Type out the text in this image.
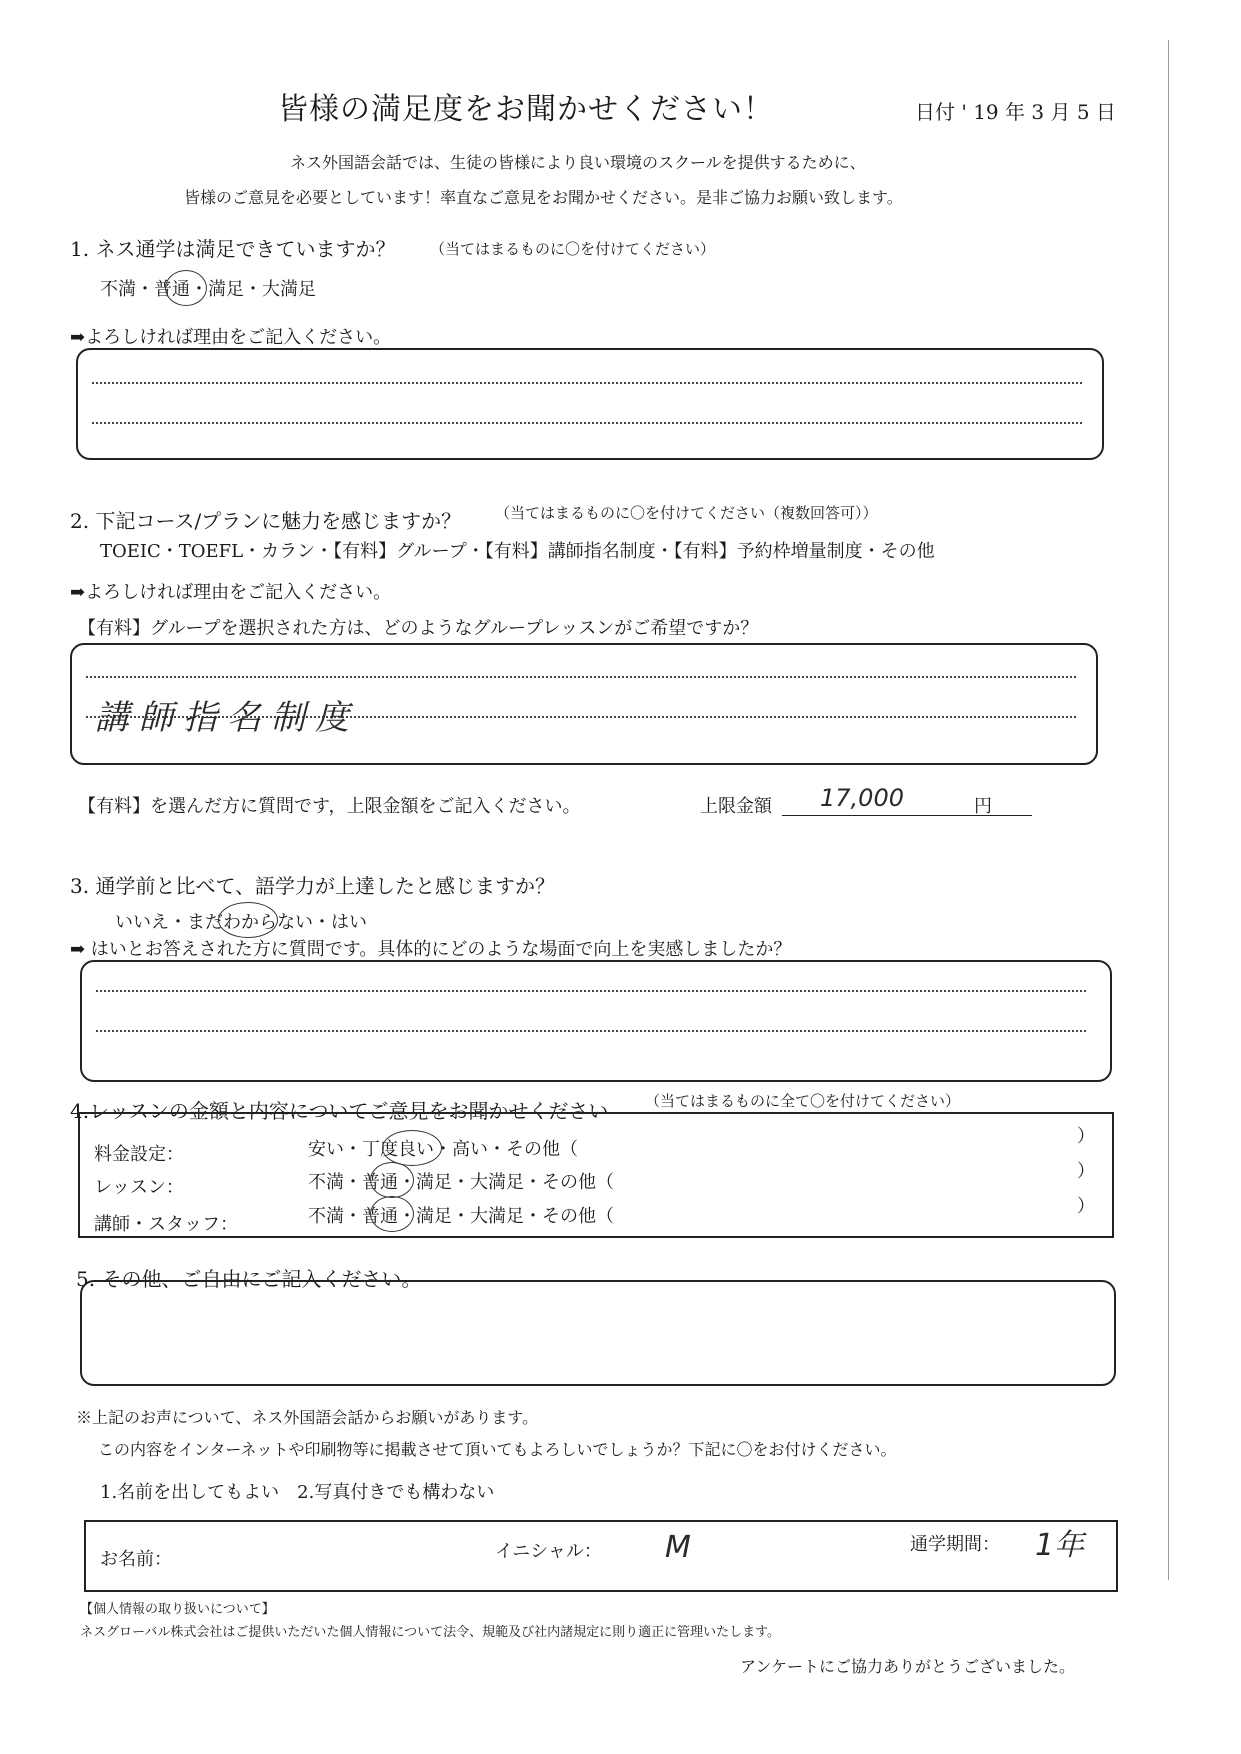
皆様の満足度をお聞かせください！	日付 ' 19 年 3 月 5 日
ネス外国語会話では、生徒の皆様により良い環境のスクールを提供するために、
皆様のご意見を必要としています！率直なご意見をお聞かせください。是非ご協力お願い致します。
1. ネス通学は満足できていますか？ （当てはまるものに〇を付けてください）
不満・普通・満足・大満足
➡よろしければ理由をご記入ください。
2. 下記コース/プランに魅力を感じますか？ （当てはまるものに〇を付けてください（複数回答可））
TOEIC・TOEFL・カラン・【有料】グループ・【有料】講師指名制度・【有料】予約枠増量制度・その他
➡よろしければ理由をご記入ください。
【有料】グループを選択された方は、どのようなグループレッスンがご希望ですか？
講師指名制度
【有料】を選んだ方に質問です，上限金額をご記入ください。	上限金額 17,000	円
3. 通学前と比べて、語学力が上達したと感じますか？
いいえ・まだわからない・はい
➡ はいとお答えされた方に質問です。具体的にどのような場面で向上を実感しましたか？
4.レッスンの金額と内容についてご意見をお聞かせください （当てはまるものに全て〇を付けてください）
料金設定：	安い・丁度良い・高い・その他（
）
レッスン：	不満・普通・満足・大満足・その他（
）
講師・スタッフ：	不満・普通・満足・大満足・その他（	）
5. その他、ご自由にご記入ください。
※上記のお声について、ネス外国語会話からお願いがあります。
この内容をインターネットや印刷物等に掲載させて頂いてもよろしいでしょうか？下記に〇をお付けください。
1.名前を出してもよい　2.写真付きでも構わない
お名前：	イニシャル： M	通学期間： 1年
【個人情報の取り扱いについて】
ネスグローバル株式会社はご提供いただいた個人情報について法令、規範及び社内諸規定に則り適正に管理いたします。
アンケートにご協力ありがとうございました。
